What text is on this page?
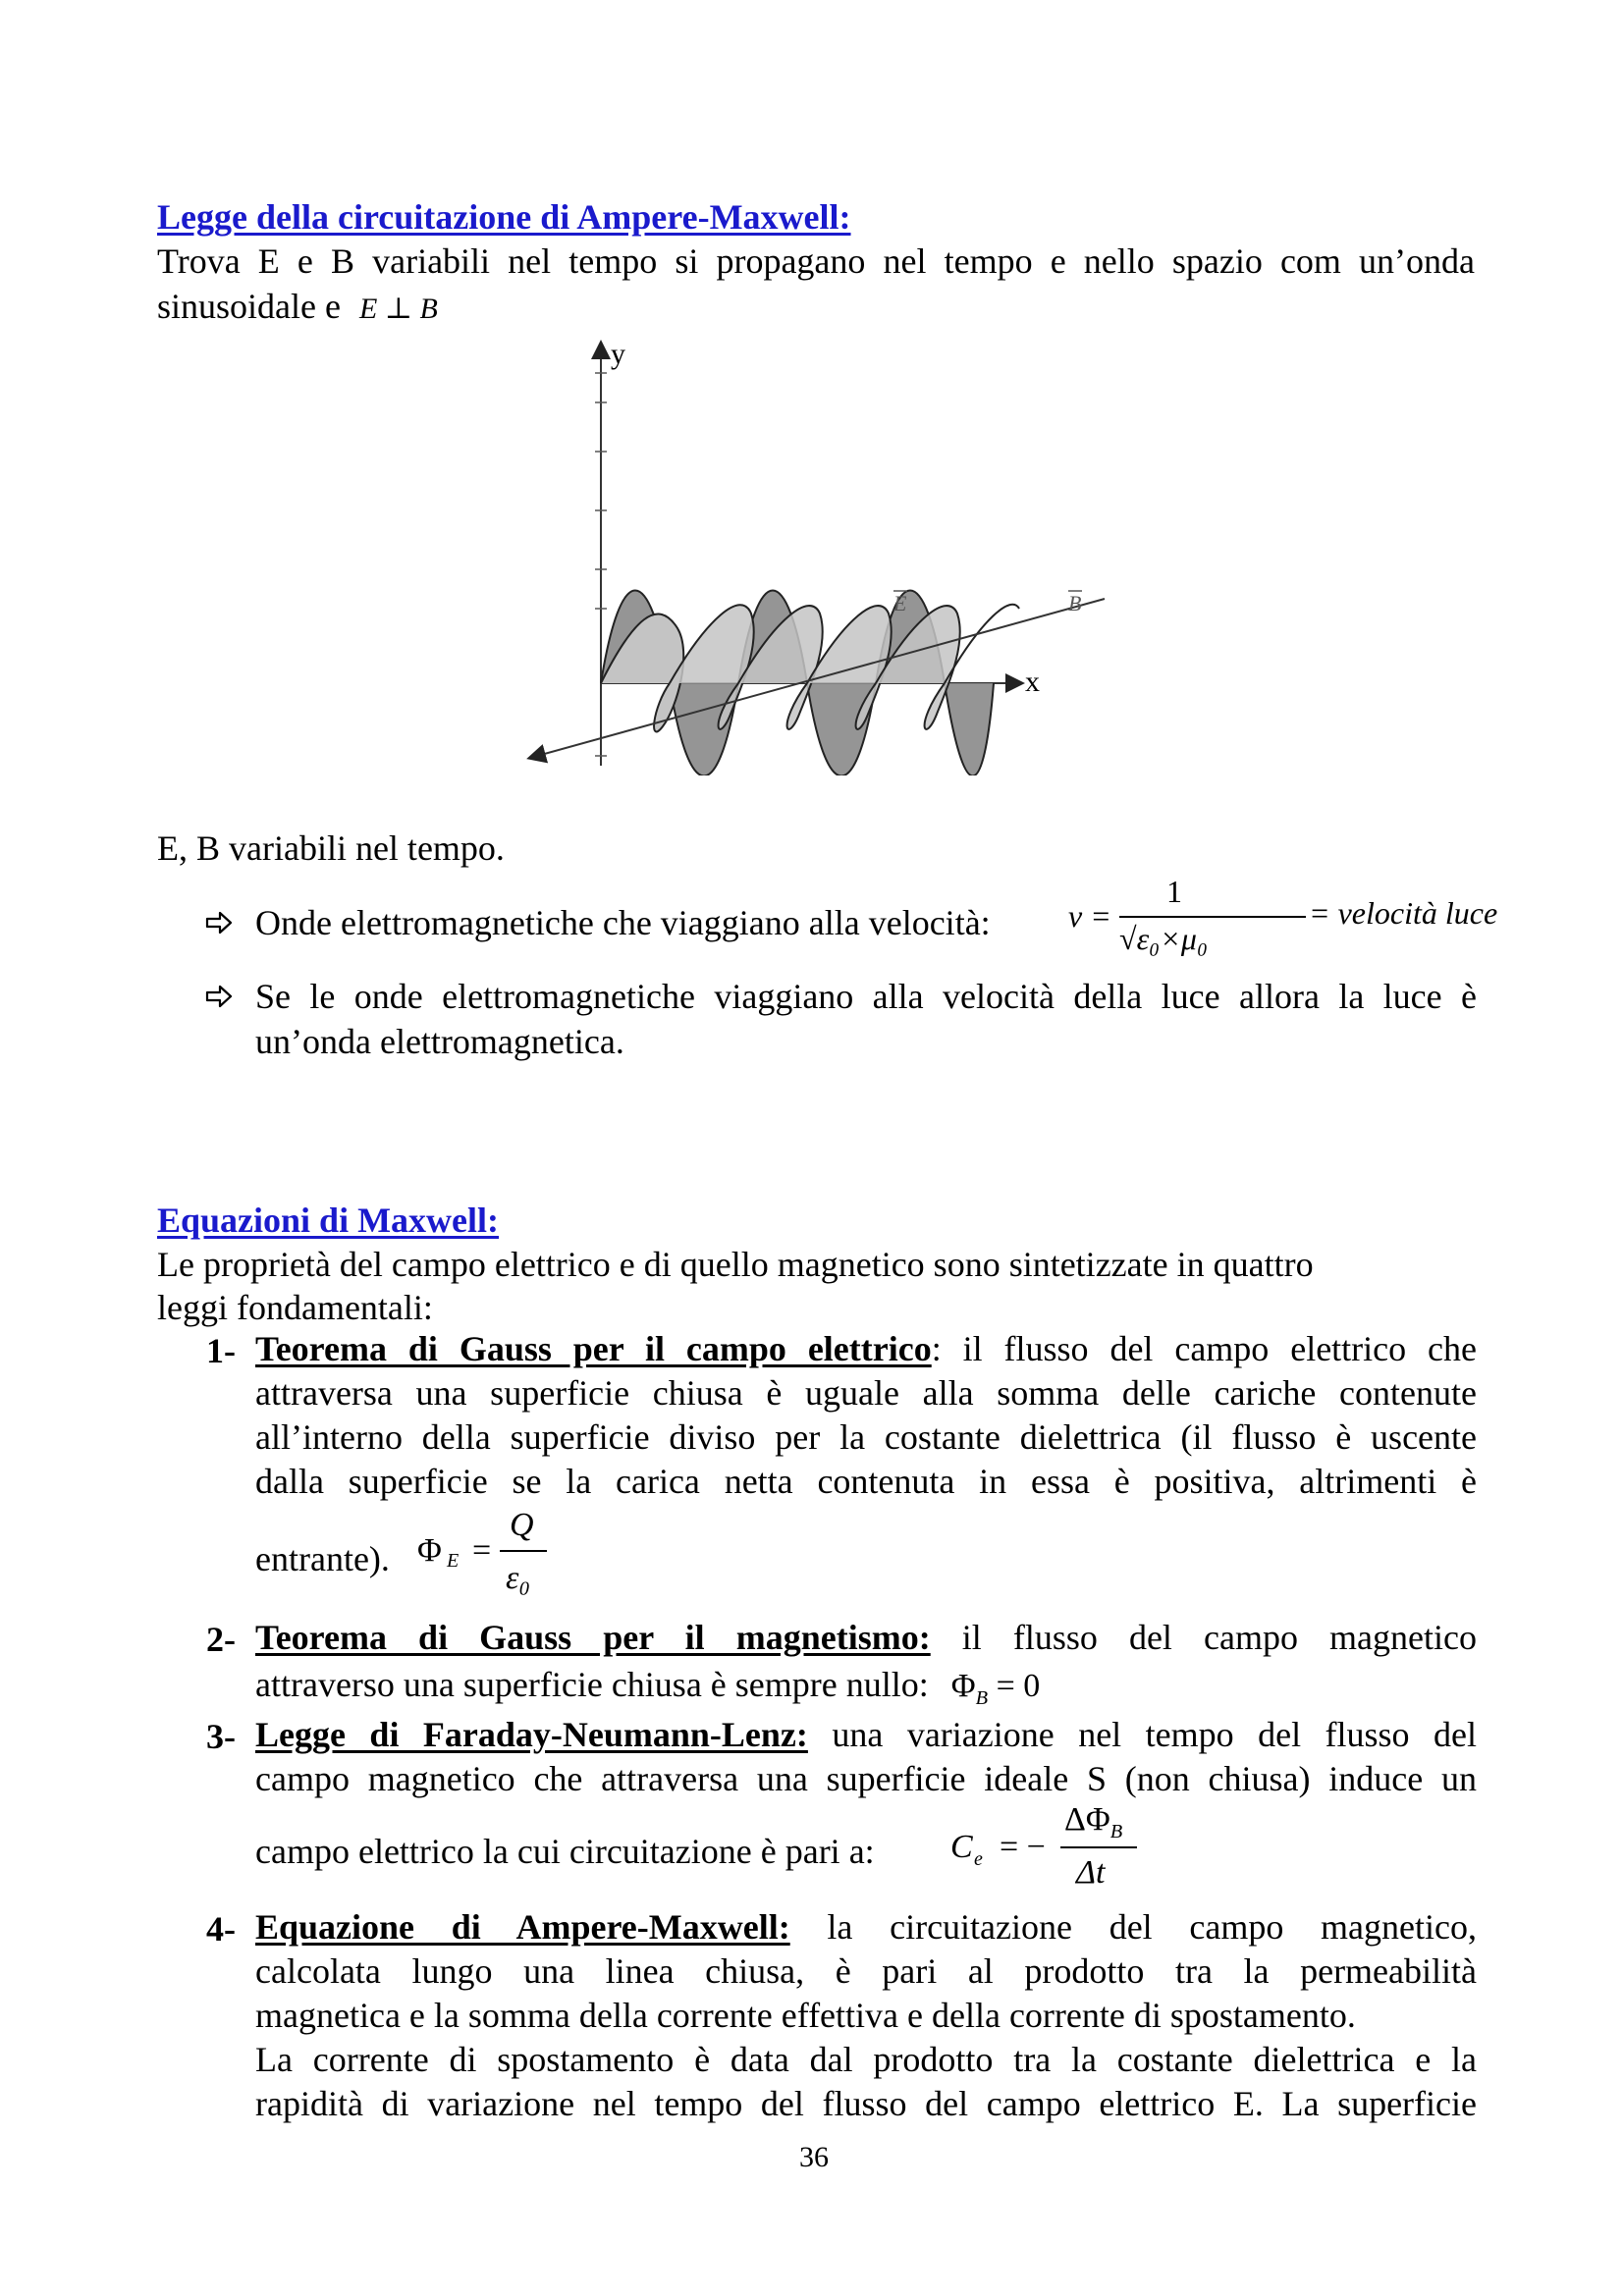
Legge della circuitazione di Ampere-Maxwell:
Trova E e B variabili nel tempo si propagano nel tempo e nello spazio com un’onda
sinusoidale e E ⊥ B
y
x
E	B
E, B variabili nel tempo.
Onde elettromagnetiche che viaggiano alla velocità: v =
1
√ε₀×μ₀
= velocità luce
Se le onde elettromagnetiche viaggiano alla velocità della luce allora la luce è
un’onda elettromagnetica.
Equazioni di Maxwell:
Le proprietà del campo elettrico e di quello magnetico sono sintetizzate in quattro
leggi fondamentali:
1- Teorema di Gauss per il campo elettrico: il flusso del campo elettrico che
attraversa una superficie chiusa è uguale alla somma delle cariche contenute
all’interno della superficie diviso per la costante dielettrica (il flusso è uscente
dalla superficie se la carica netta contenuta in essa è positiva, altrimenti è
entrante). Φ E =
Q
ε₀
2- Teorema di Gauss per il magnetismo: il flusso del campo magnetico
attraverso una superficie chiusa è sempre nullo: $\Phi_B = 0$
3- Legge di Faraday-Neumann-Lenz: una variazione nel tempo del flusso del
campo magnetico che attraversa una superficie ideale S (non chiusa) induce un
campo elettrico la cui circuitazione è pari a: C e = −
$\Delta\Phi_B$
Δt
4- Equazione di Ampere-Maxwell: la circuitazione del campo magnetico,
calcolata lungo una linea chiusa, è pari al prodotto tra la permeabilità
magnetica e la somma della corrente effettiva e della corrente di spostamento.
La corrente di spostamento è data dal prodotto tra la costante dielettrica e la
rapidità di variazione nel tempo del flusso del campo elettrico E. La superficie
36
